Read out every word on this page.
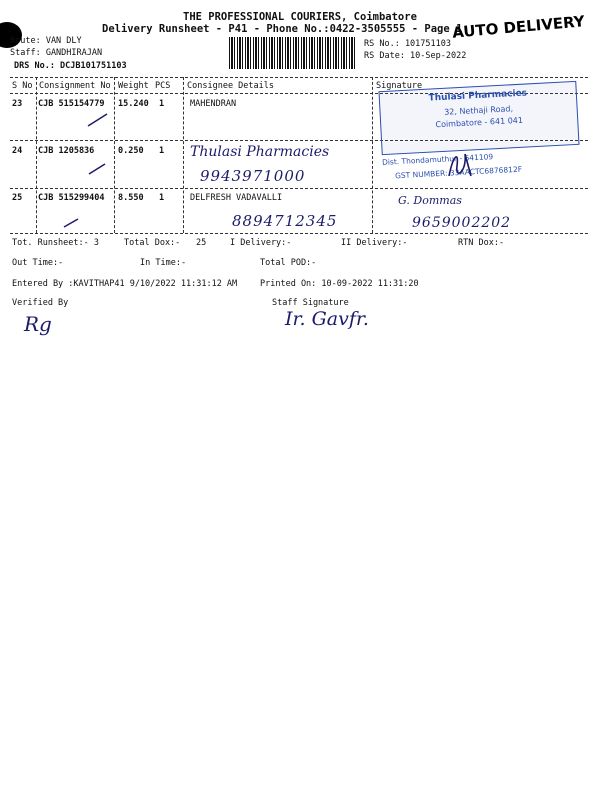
THE PROFESSIONAL COURIERS, Coimbatore
Delivery Runsheet - P41 - Phone No.:0422-3505555 - Page 1
AUTO DELIVERY
Route: VAN DLY
Staff: GANDHIRAJAN
DRS No.: DCJB101751103
RS No.: 101751103
RS Date: 10-Sep-2022
S No Consignment No Weight PCS Consignee Details	Signature
23 CJB 515154779 15.240 1	MAHENDRAN
24 CJB 1205836	0.250 1 Thulasi Pharmacies
9943971000
25 CJB 515299404 8.550 1	DELFRESH VADAVALLI
8894712345
G. Dommas
9659002202
Thulasi Pharmacies
32, Nethaji Road,
Coimbatore - 641 041
Dist. Thondamuthur - 641109
GST NUMBER: 33AACTC6876812F
Tot. Runsheet:- 3	Total Dox:- 25	I Delivery:-	II Delivery:-	RTN Dox:-
Out Time:-	In Time:-	Total POD:-
Entered By :KAVITHAP41 9/10/2022 11:31:12 AM	Printed On: 10-09-2022 11:31:20
Verified By	Staff Signature
Rg	Ir. Gavfr.
